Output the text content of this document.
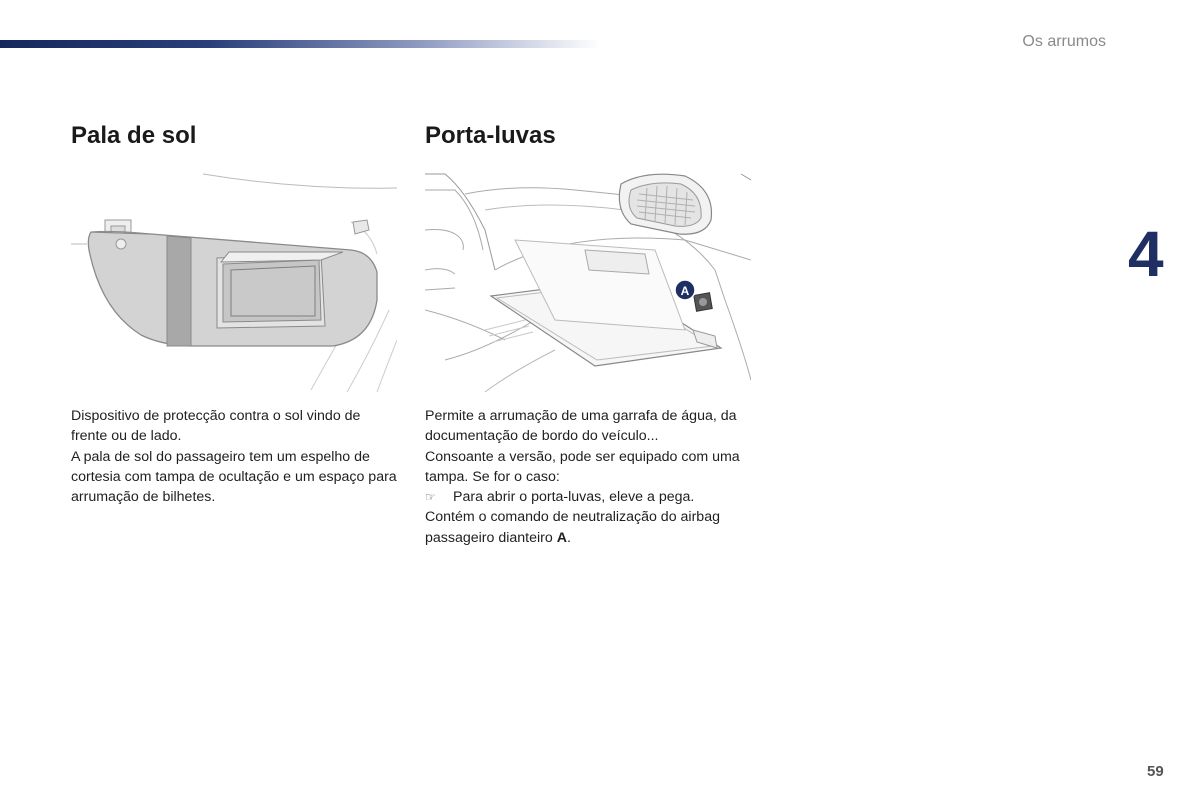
Os arrumos
4
59
Pala de sol

Dispositivo de protecção contra o sol vindo de frente ou de lado.

A pala de sol do passageiro tem um espelho de cortesia com tampa de ocultação e um espaço para arrumação de bilhetes.

Porta-luvas
A

Permite a arrumação de uma garrafa de água, da documentação de bordo do veículo...

Consoante a versão, pode ser equipado com uma tampa. Se for o caso:

☞	Para abrir o porta-luvas, eleve a pega.

Contém o comando de neutralização do airbag passageiro dianteiro A.
